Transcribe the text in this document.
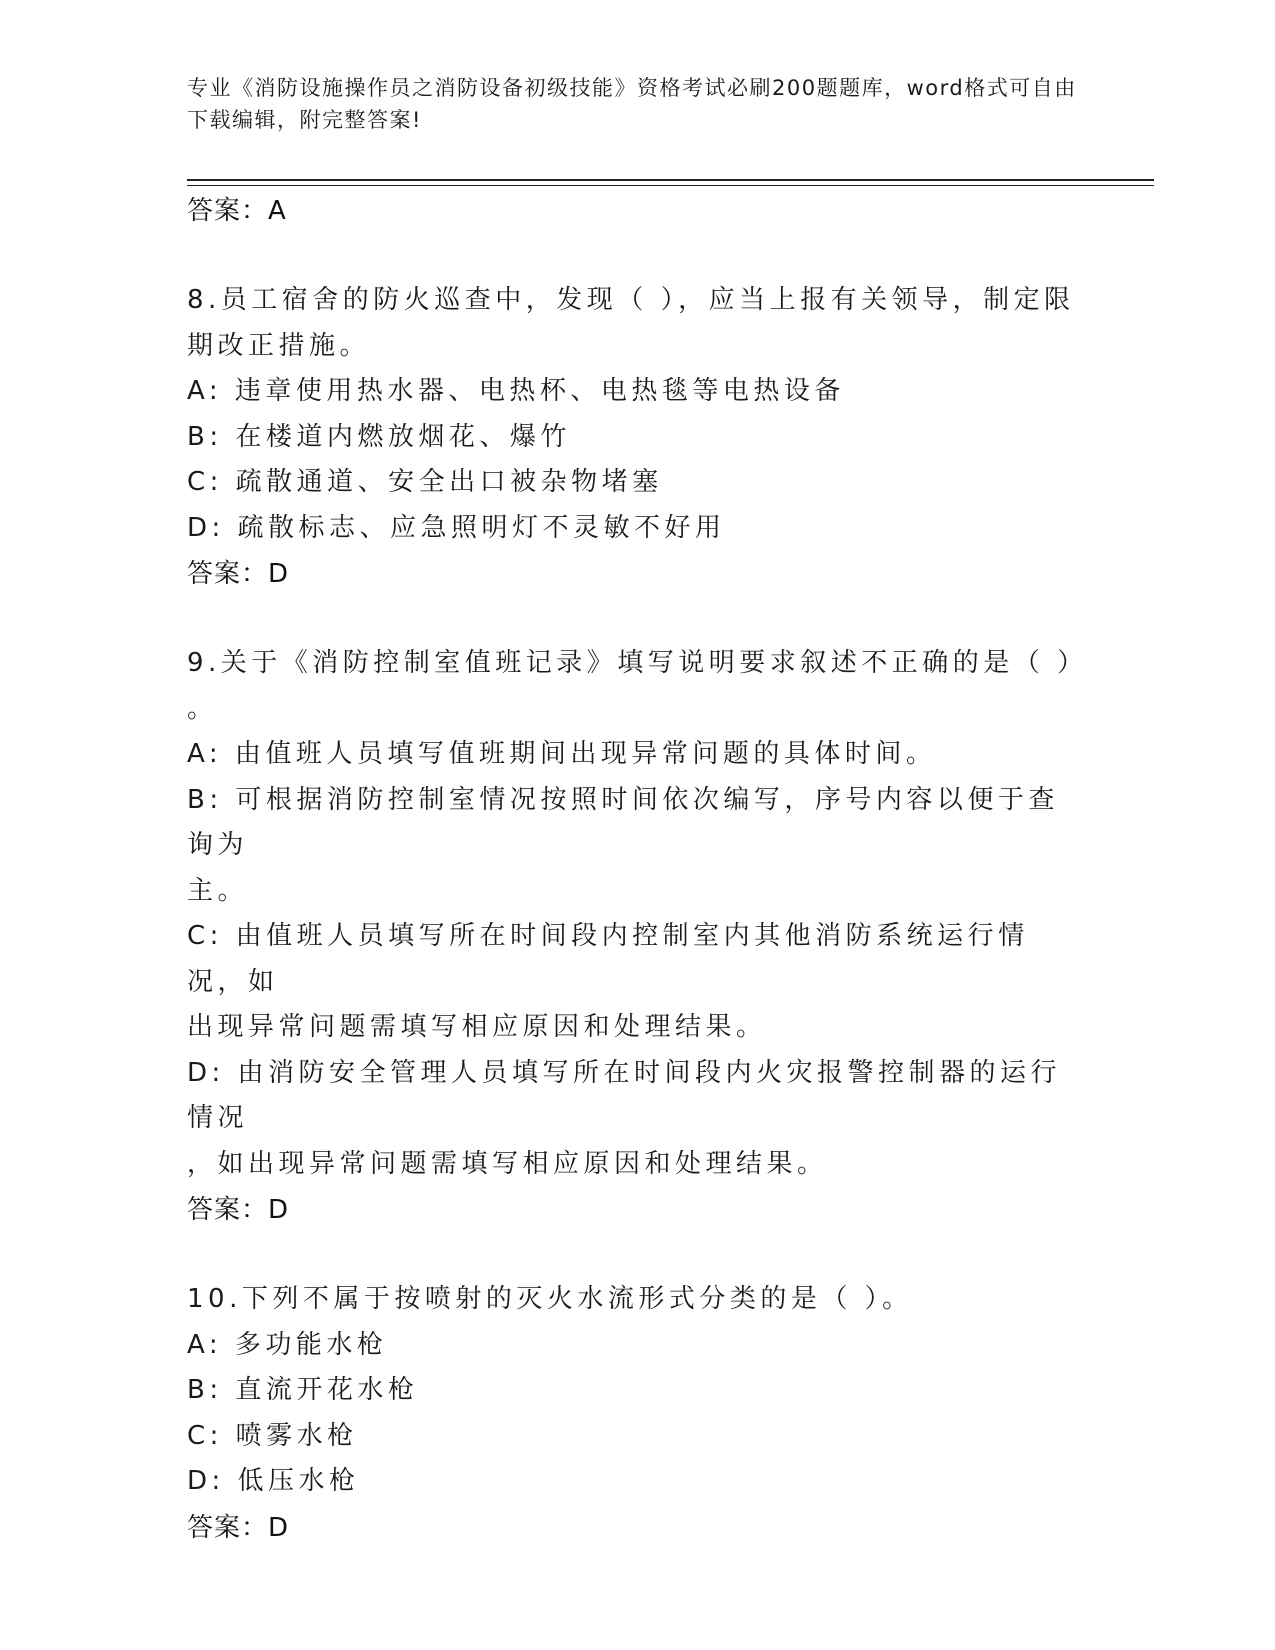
专业《消防设施操作员之消防设备初级技能》资格考试必刷200题题库，word格式可自由下载编辑，附完整答案!
答案：A
8.员工宿舍的防火巡查中，发现（ ），应当上报有关领导，制定限
期改正措施。
A: 违章使用热水器、电热杯、电热毯等电热设备
B: 在楼道内燃放烟花、爆竹
C: 疏散通道、安全出口被杂物堵塞
D: 疏散标志、应急照明灯不灵敏不好用
答案：D
9.关于《消防控制室值班记录》填写说明要求叙述不正确的是（ ）
。
A: 由值班人员填写值班期间出现异常问题的具体时间。
B: 可根据消防控制室情况按照时间依次编写，序号内容以便于查询为
主。
C: 由值班人员填写所在时间段内控制室内其他消防系统运行情况，如
出现异常问题需填写相应原因和处理结果。
D: 由消防安全管理人员填写所在时间段内火灾报警控制器的运行情况
，如出现异常问题需填写相应原因和处理结果。
答案：D
10.下列不属于按喷射的灭火水流形式分类的是（ ）。
A: 多功能水枪
B: 直流开花水枪
C: 喷雾水枪
D: 低压水枪
答案：D
